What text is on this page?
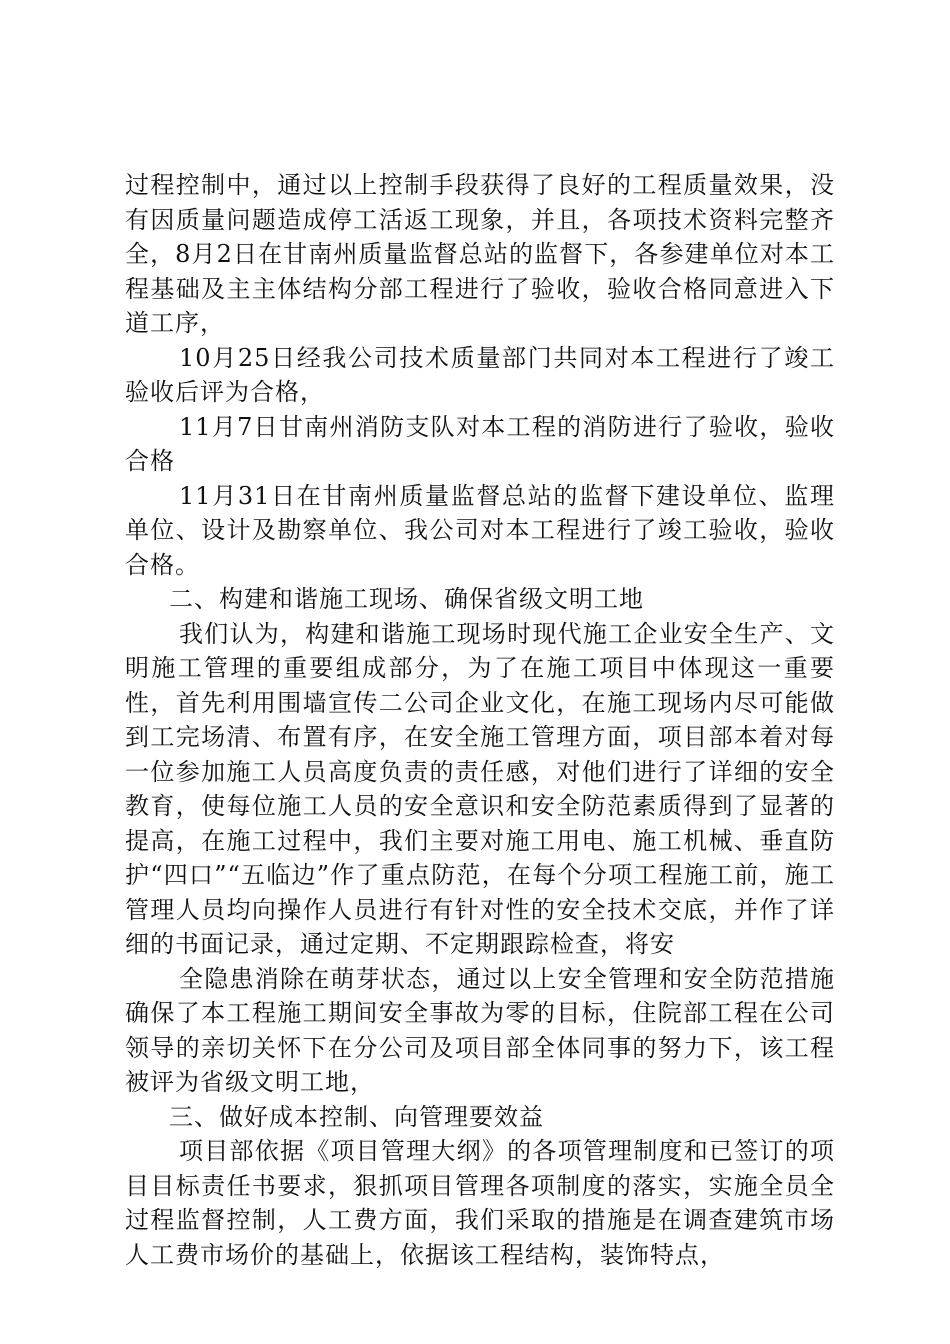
过程控制中，通过以上控制手段获得了良好的工程质量效果，没有因质量问题造成停工活返工现象，并且，各项技术资料完整齐全，8月2日在甘南州质量监督总站的监督下，各参建单位对本工程基础及主主体结构分部工程进行了验收，验收合格同意进入下道工序，

10月25日经我公司技术质量部门共同对本工程进行了竣工验收后评为合格，

11月7日甘南州消防支队对本工程的消防进行了验收，验收合格

11月31日在甘南州质量监督总站的监督下建设单位、监理单位、设计及勘察单位、我公司对本工程进行了竣工验收，验收合格。

二、构建和谐施工现场、确保省级文明工地

我们认为，构建和谐施工现场时现代施工企业安全生产、文明施工管理的重要组成部分，为了在施工项目中体现这一重要性，首先利用围墙宣传二公司企业文化，在施工现场内尽可能做到工完场清、布置有序，在安全施工管理方面，项目部本着对每一位参加施工人员高度负责的责任感，对他们进行了详细的安全教育，使每位施工人员的安全意识和安全防范素质得到了显著的提高，在施工过程中，我们主要对施工用电、施工机械、垂直防护“四口”“五临边”作了重点防范，在每个分项工程施工前，施工管理人员均向操作人员进行有针对性的安全技术交底，并作了详细的书面记录，通过定期、不定期跟踪检查，将安

全隐患消除在萌芽状态，通过以上安全管理和安全防范措施确保了本工程施工期间安全事故为零的目标，住院部工程在公司领导的亲切关怀下在分公司及项目部全体同事的努力下，该工程被评为省级文明工地，

三、做好成本控制、向管理要效益

项目部依据《项目管理大纲》的各项管理制度和已签订的项目目标责任书要求，狠抓项目管理各项制度的落实，实施全员全过程监督控制，人工费方面，我们采取的措施是在调查建筑市场人工费市场价的基础上，依据该工程结构，装饰特点，
